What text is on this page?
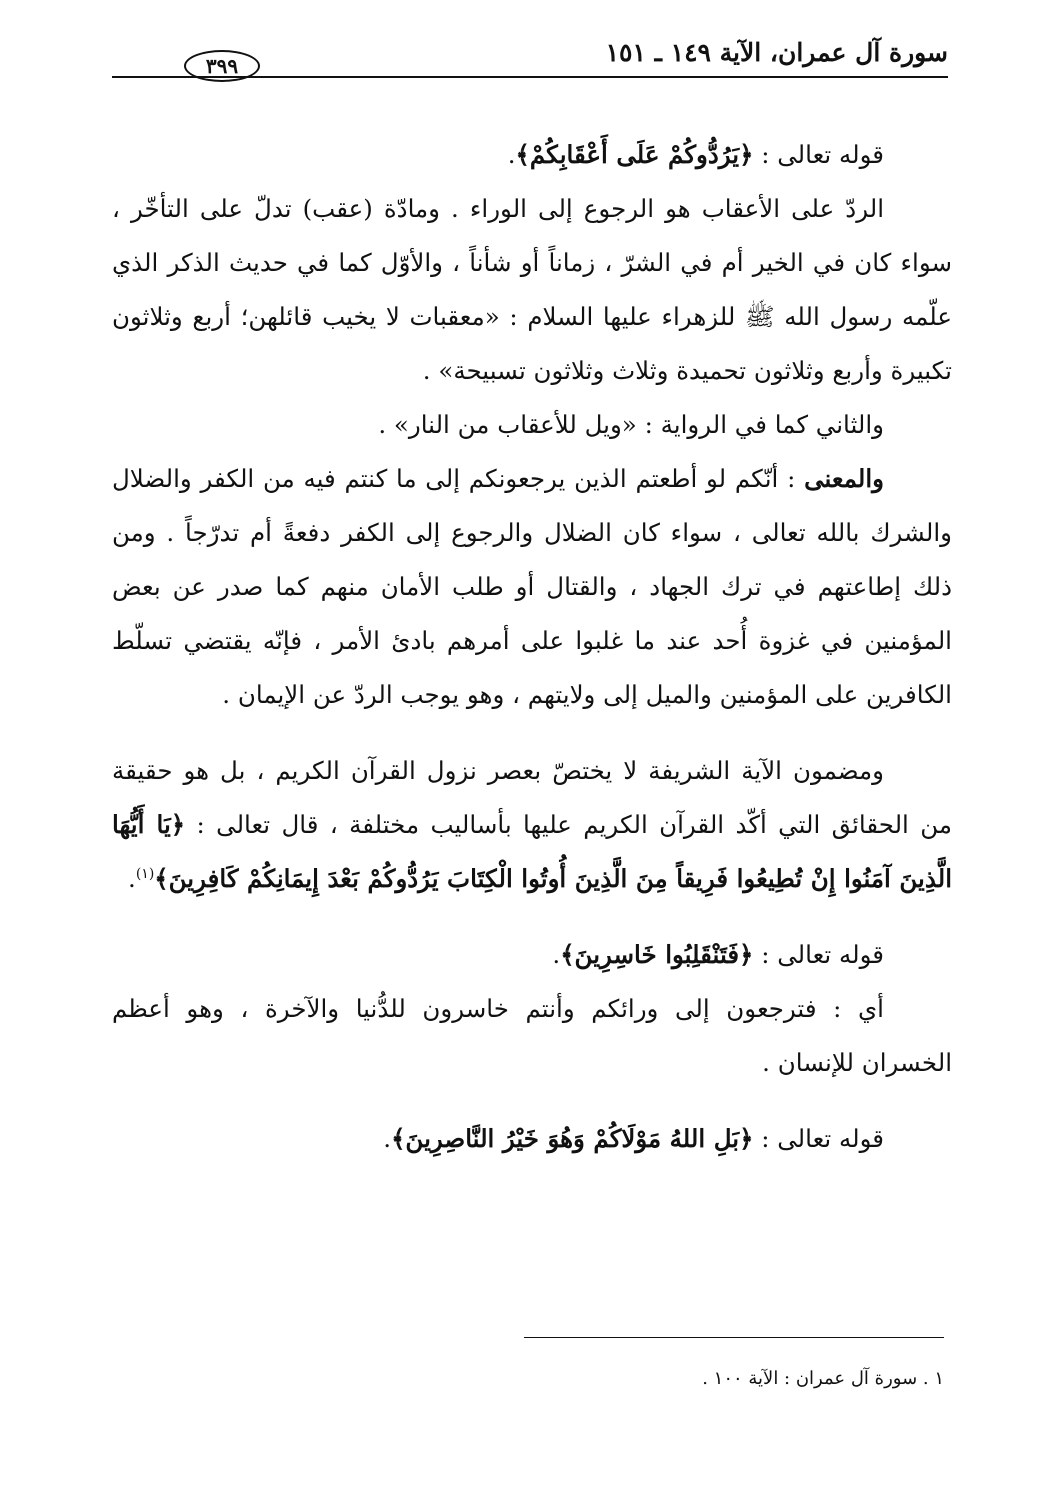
سورة آل عمران، الآية ١٤٩ ـ ١٥١
٣٩٩

قوله تعالى : ﴿يَرُدُّوكُمْ عَلَى أَعْقَابِكُمْ﴾.

الردّ على الأعقاب هو الرجوع إلى الوراء . ومادّة (عقب) تدلّ على التأخّر ، سواء كان في الخير أم في الشرّ ، زماناً أو شأناً ، والأوّل كما في حديث الذكر الذي علّمه رسول الله ﷺ للزهراء عليها السلام : «معقبات لا يخيب قائلهن؛ أربع وثلاثون تكبيرة وأربع وثلاثون تحميدة وثلاث وثلاثون تسبيحة» .

والثاني كما في الرواية : «ويل للأعقاب من النار» .

والمعنى : أنّكم لو أطعتم الذين يرجعونكم إلى ما كنتم فيه من الكفر والضلال والشرك بالله تعالى ، سواء كان الضلال والرجوع إلى الكفر دفعةً أم تدرّجاً . ومن ذلك إطاعتهم في ترك الجهاد ، والقتال أو طلب الأمان منهم كما صدر عن بعض المؤمنين في غزوة أُحد عند ما غلبوا على أمرهم بادئ الأمر ، فإنّه يقتضي تسلّط الكافرين على المؤمنين والميل إلى ولايتهم ، وهو يوجب الردّ عن الإيمان .

ومضمون الآية الشريفة لا يختصّ بعصر نزول القرآن الكريم ، بل هو حقيقة من الحقائق التي أكّد القرآن الكريم عليها بأساليب مختلفة ، قال تعالى : ﴿يَا أَيُّهَا الَّذِينَ آمَنُوا إِنْ تُطِيعُوا فَرِيقاً مِنَ الَّذِينَ أُوتُوا الْكِتَابَ يَرُدُّوكُمْ بَعْدَ إِيمَانِكُمْ كَافِرِينَ﴾$^{(١)}$.

قوله تعالى : ﴿فَتَنْقَلِبُوا خَاسِرِينَ﴾.

أي : فترجعون إلى ورائكم وأنتم خاسرون للدُّنيا والآخرة ، وهو أعظم الخسران للإنسان .

قوله تعالى : ﴿بَلِ اللهُ مَوْلَاكُمْ وَهُوَ خَيْرُ النَّاصِرِينَ﴾.

١ . سورة آل عمران : الآية ١٠٠ .
